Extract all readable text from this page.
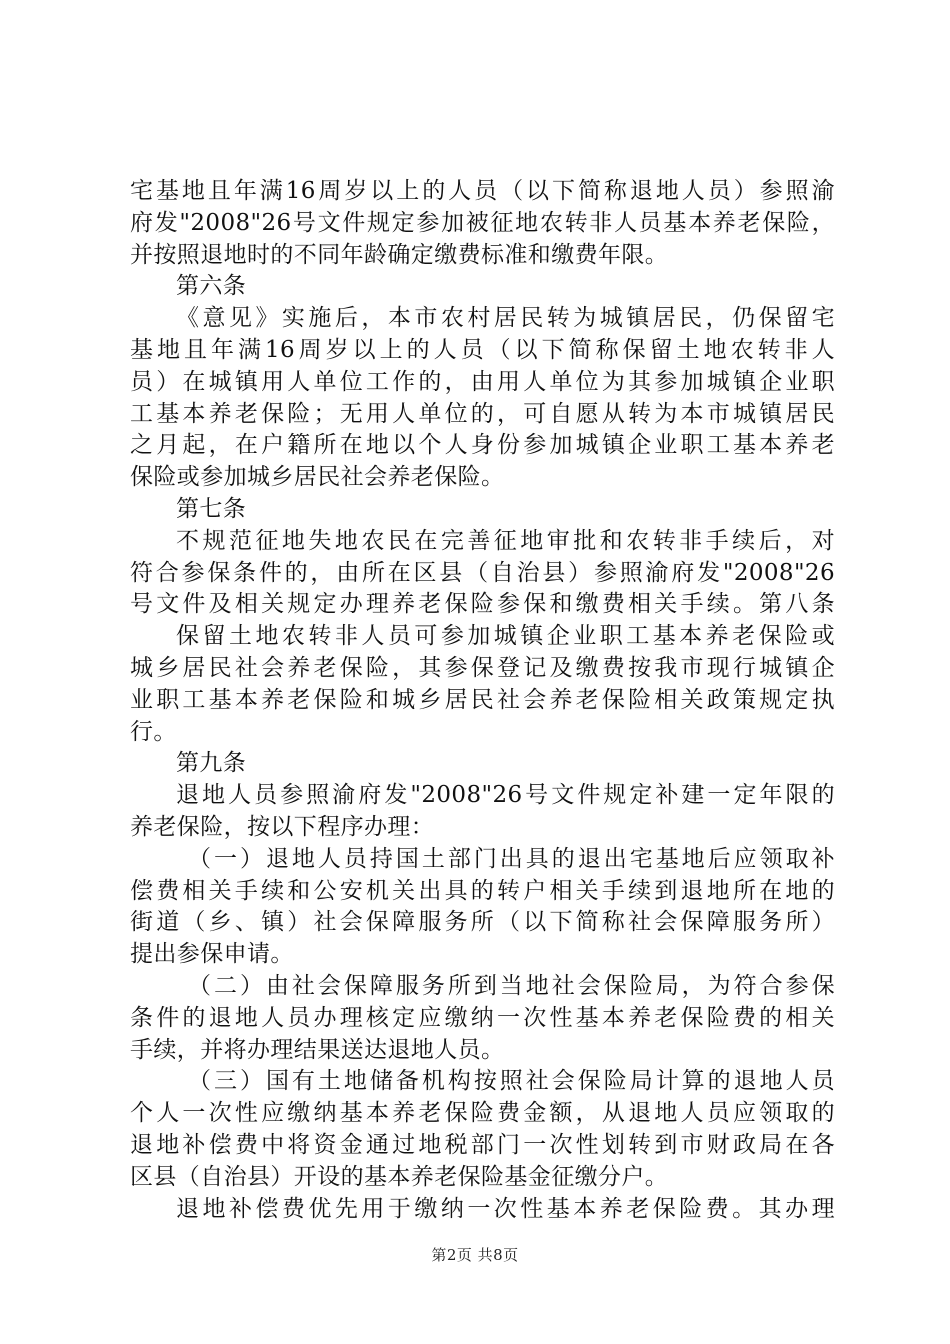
宅基地且年满16周岁以上的人员（以下简称退地人员）参照渝
府发"2008"26号文件规定参加被征地农转非人员基本养老保险，
并按照退地时的不同年龄确定缴费标准和缴费年限。
第六条
《意见》实施后，本市农村居民转为城镇居民，仍保留宅
基地且年满16周岁以上的人员（以下简称保留土地农转非人
员）在城镇用人单位工作的，由用人单位为其参加城镇企业职
工基本养老保险；无用人单位的，可自愿从转为本市城镇居民
之月起，在户籍所在地以个人身份参加城镇企业职工基本养老
保险或参加城乡居民社会养老保险。
第七条
不规范征地失地农民在完善征地审批和农转非手续后，对
符合参保条件的，由所在区县（自治县）参照渝府发"2008"26
号文件及相关规定办理养老保险参保和缴费相关手续。第八条
保留土地农转非人员可参加城镇企业职工基本养老保险或
城乡居民社会养老保险，其参保登记及缴费按我市现行城镇企
业职工基本养老保险和城乡居民社会养老保险相关政策规定执
行。
第九条
退地人员参照渝府发"2008"26号文件规定补建一定年限的
养老保险，按以下程序办理：
（一）退地人员持国土部门出具的退出宅基地后应领取补
偿费相关手续和公安机关出具的转户相关手续到退地所在地的
街道（乡、镇）社会保障服务所（以下简称社会保障服务所）
提出参保申请。
（二）由社会保障服务所到当地社会保险局，为符合参保
条件的退地人员办理核定应缴纳一次性基本养老保险费的相关
手续，并将办理结果送达退地人员。
（三）国有土地储备机构按照社会保险局计算的退地人员
个人一次性应缴纳基本养老保险费金额，从退地人员应领取的
退地补偿费中将资金通过地税部门一次性划转到市财政局在各
区县（自治县）开设的基本养老保险基金征缴分户。
退地补偿费优先用于缴纳一次性基本养老保险费。其办理
第2页 共8页
